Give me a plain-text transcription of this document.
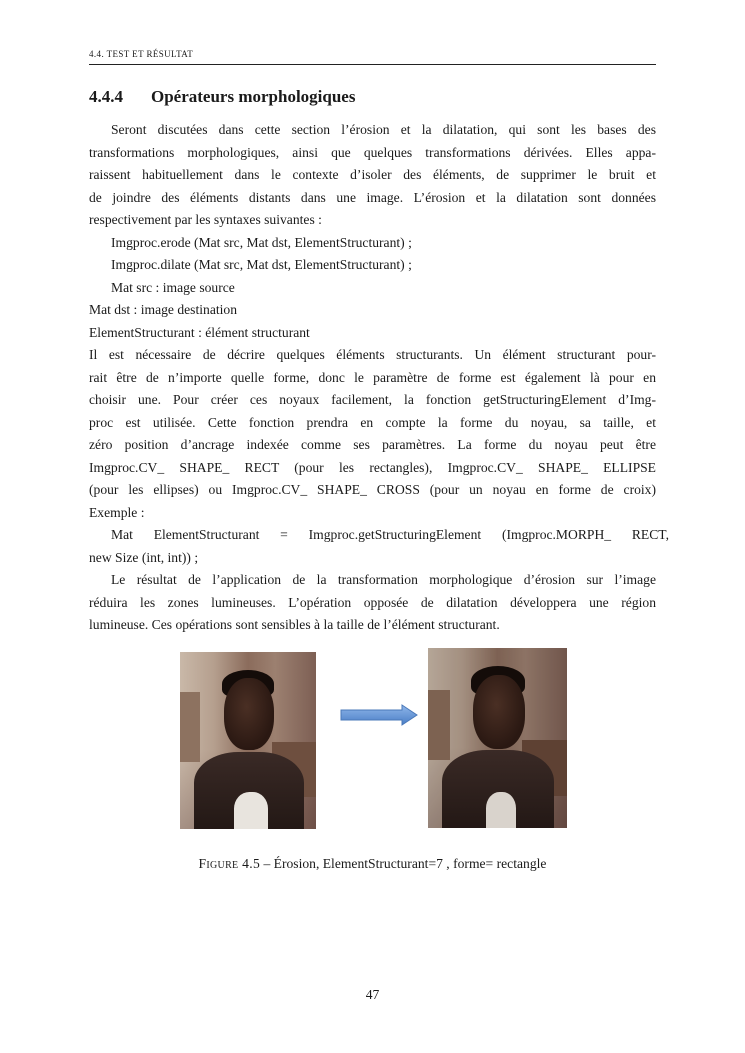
4.4. TEST ET RÉSULTAT
4.4.4 Opérateurs morphologiques
Seront discutées dans cette section l’érosion et la dilatation, qui sont les bases des
transformations morphologiques, ainsi que quelques transformations dérivées. Elles appa-
raissent habituellement dans le contexte d’isoler des éléments, de supprimer le bruit et
de joindre des éléments distants dans une image. L’érosion et la dilatation sont données
respectivement par les syntaxes suivantes :
Imgproc.erode (Mat src, Mat dst, ElementStructurant) ;
Imgproc.dilate (Mat src, Mat dst, ElementStructurant) ;
Mat src : image source
Mat dst : image destination
ElementStructurant : élément structurant
Il est nécessaire de décrire quelques éléments structurants. Un élément structurant pour-
rait être de n’importe quelle forme, donc le paramètre de forme est également là pour en
choisir une. Pour créer ces noyaux facilement, la fonction getStructuringElement d’Img-
proc est utilisée. Cette fonction prendra en compte la forme du noyau, sa taille, et
zéro position d’ancrage indexée comme ses paramètres. La forme du noyau peut être
Imgproc.CV_ SHAPE_ RECT (pour les rectangles), Imgproc.CV_ SHAPE_ ELLIPSE
(pour les ellipses) ou Imgproc.CV_ SHAPE_ CROSS (pour un noyau en forme de croix)
Exemple :
Mat ElementStructurant = Imgproc.getStructuringElement (Imgproc.MORPH_ RECT,
new Size (int, int)) ;
Le résultat de l’application de la transformation morphologique d’érosion sur l’image
réduira les zones lumineuses. L’opération opposée de dilatation développera une région
lumineuse. Ces opérations sont sensibles à la taille de l’élément structurant.
Figure 4.5 – Érosion, ElementStructurant=7 , forme= rectangle
47
